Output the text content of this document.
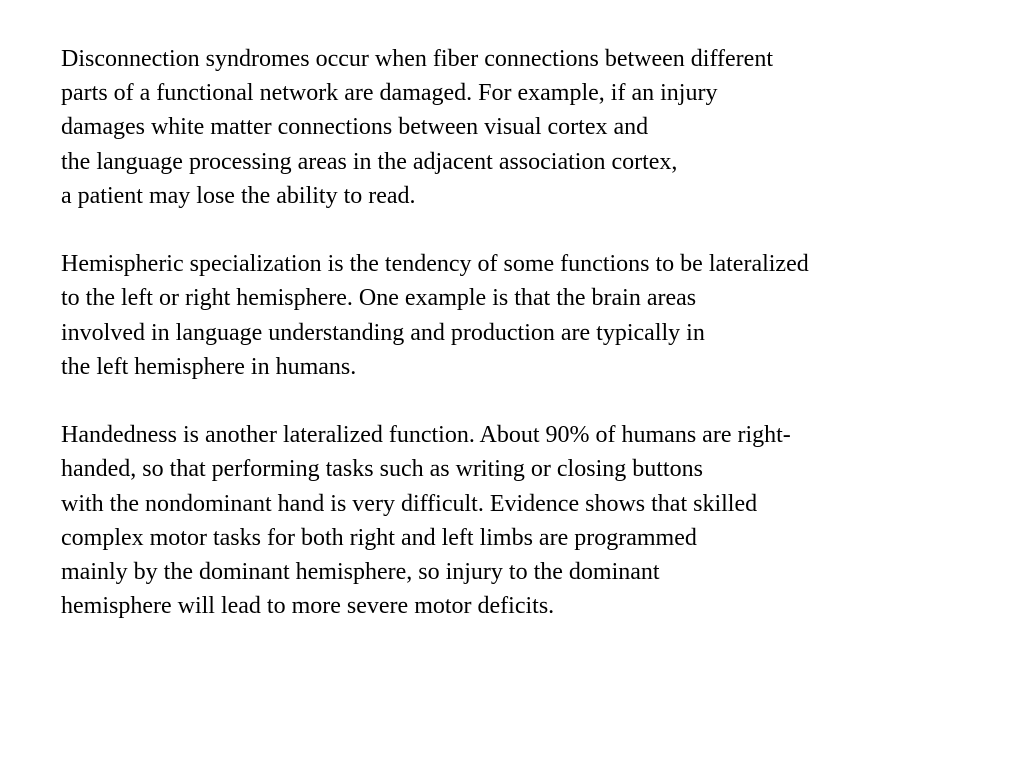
Disconnection syndromes occur when fiber connections between different
parts of a functional network are damaged. For example, if an injury
damages white matter connections between visual cortex and
the language processing areas in the adjacent association cortex,
a patient may lose the ability to read.

Hemispheric specialization is the tendency of some functions to be lateralized
to the left or right hemisphere. One example is that the brain areas
involved in language understanding and production are typically in
the left hemisphere in humans.

Handedness is another lateralized function. About 90% of humans are right-
handed, so that performing tasks such as writing or closing buttons
with the nondominant hand is very difficult. Evidence shows that skilled
complex motor tasks for both right and left limbs are programmed
mainly by the dominant hemisphere, so injury to the dominant
hemisphere will lead to more severe motor deficits.
